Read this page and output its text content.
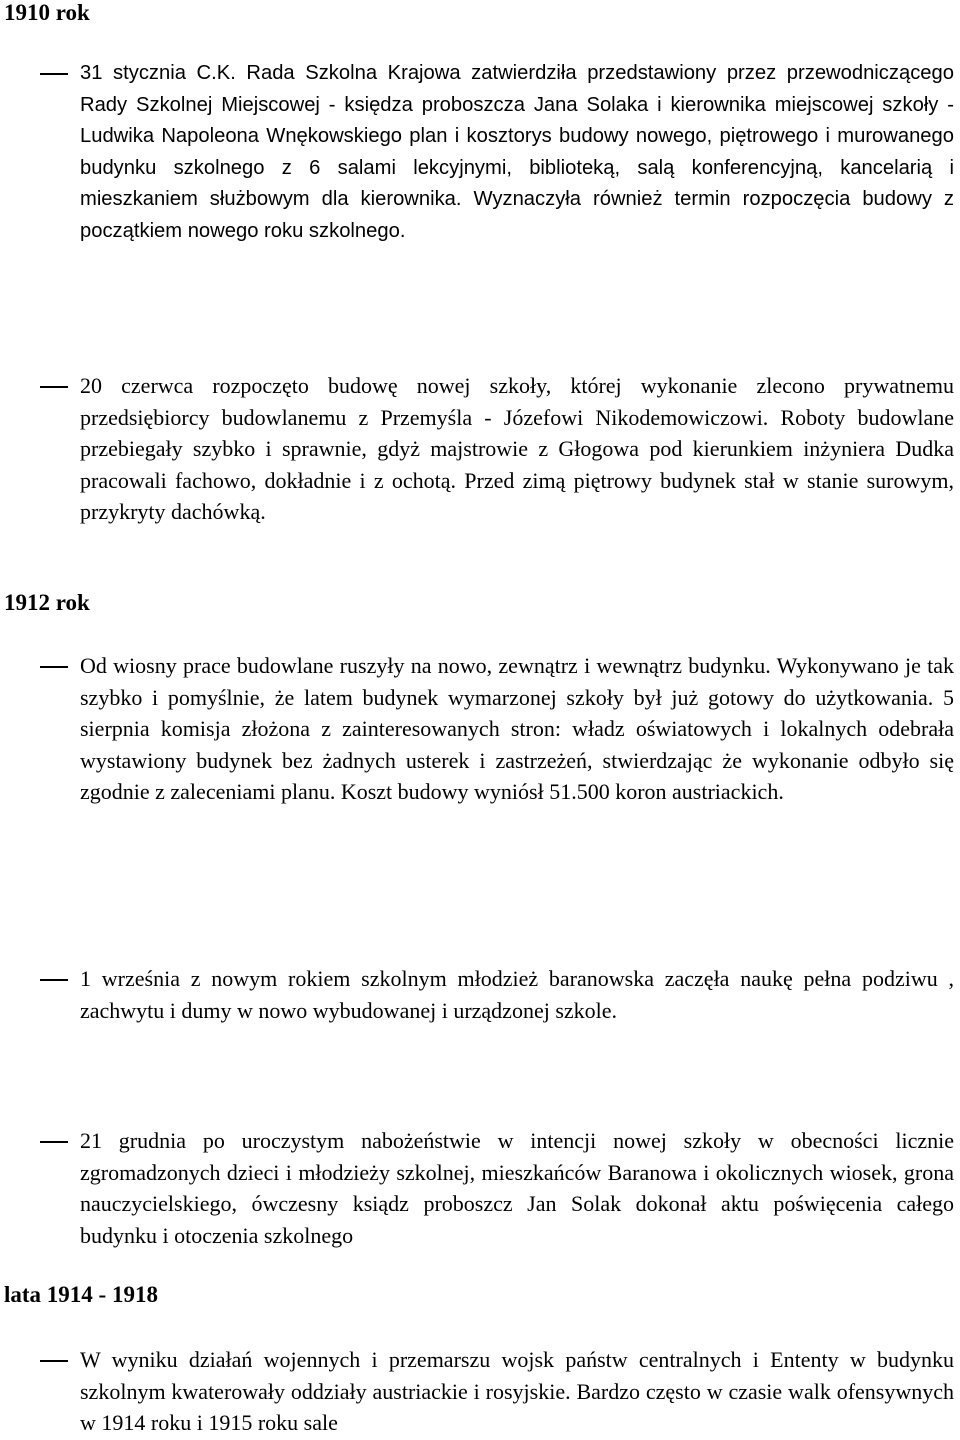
1910 rok

31 stycznia C.K. Rada Szkolna Krajowa zatwierdziła przedstawiony przez przewodniczącego Rady Szkolnej Miejscowej - księdza proboszcza Jana Solaka i kierownika miejscowej szkoły - Ludwika Napoleona Wnękowskiego plan i kosztorys budowy nowego, piętrowego i murowanego budynku szkolnego z 6 salami lekcyjnymi, biblioteką, salą konferencyjną, kancelarią i mieszkaniem służbowym dla kierownika. Wyznaczyła również termin rozpoczęcia budowy z początkiem nowego roku szkolnego.

20 czerwca rozpoczęto budowę nowej szkoły, której wykonanie zlecono prywatnemu przedsiębiorcy budowlanemu z Przemyśla - Józefowi Nikodemowiczowi. Roboty budowlane przebiegały szybko i sprawnie, gdyż majstrowie z Głogowa pod kierunkiem inżyniera Dudka pracowali fachowo, dokładnie i z ochotą. Przed zimą piętrowy budynek stał w stanie surowym, przykryty dachówką.

1912 rok

Od wiosny prace budowlane ruszyły na nowo, zewnątrz i wewnątrz budynku. Wykonywano je tak szybko i pomyślnie, że latem budynek wymarzonej szkoły był już gotowy do użytkowania. 5 sierpnia komisja złożona z zainteresowanych stron: władz oświatowych i lokalnych odebrała wystawiony budynek bez żadnych usterek i zastrzeżeń, stwierdzając że wykonanie odbyło się zgodnie z zaleceniami planu. Koszt budowy wyniósł 51.500 koron austriackich.

1 września z nowym rokiem szkolnym młodzież baranowska zaczęła naukę pełna podziwu , zachwytu i dumy w nowo wybudowanej i urządzonej szkole.

21 grudnia po uroczystym nabożeństwie w intencji nowej szkoły w obecności licznie zgromadzonych dzieci i młodzieży szkolnej, mieszkańców Baranowa i okolicznych wiosek, grona nauczycielskiego, ówczesny ksiądz proboszcz Jan Solak dokonał aktu poświęcenia całego budynku i otoczenia szkolnego

lata 1914 - 1918

W wyniku działań wojennych i przemarszu wojsk państw centralnych i Ententy w budynku szkolnym kwaterowały oddziały austriackie i rosyjskie. Bardzo często w czasie walk ofensywnych w 1914 roku i 1915 roku sale
